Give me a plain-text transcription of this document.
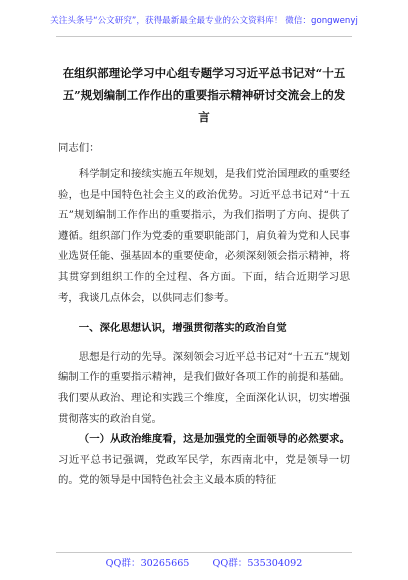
关注头条号“公文研究”，获得最新最全最专业的公文资料库！ 微信：gongwenyj
在组织部理论学习中心组专题学习习近平总书记对“十五五”规划编制工作作出的重要指示精神研讨交流会上的发言

同志们：

科学制定和接续实施五年规划，是我们党治国理政的重要经验，也是中国特色社会主义的政治优势。习近平总书记对“十五五”规划编制工作作出的重要指示，为我们指明了方向、提供了遵循。组织部门作为党委的重要职能部门，肩负着为党和人民事业选贤任能、强基固本的重要使命，必须深刻领会指示精神，将其贯穿到组织工作的全过程、各方面。下面，结合近期学习思考，我谈几点体会，以供同志们参考。

一、深化思想认识，增强贯彻落实的政治自觉

思想是行动的先导。深刻领会习近平总书记对“十五五”规划编制工作的重要指示精神，是我们做好各项工作的前提和基础。我们要从政治、理论和实践三个维度，全面深化认识，切实增强贯彻落实的政治自觉。

（一）从政治维度看，这是加强党的全面领导的必然要求。习近平总书记强调，党政军民学，东西南北中，党是领导一切的。党的领导是中国特色社会主义最本质的特征

QQ群：30265665 QQ群：535304092
